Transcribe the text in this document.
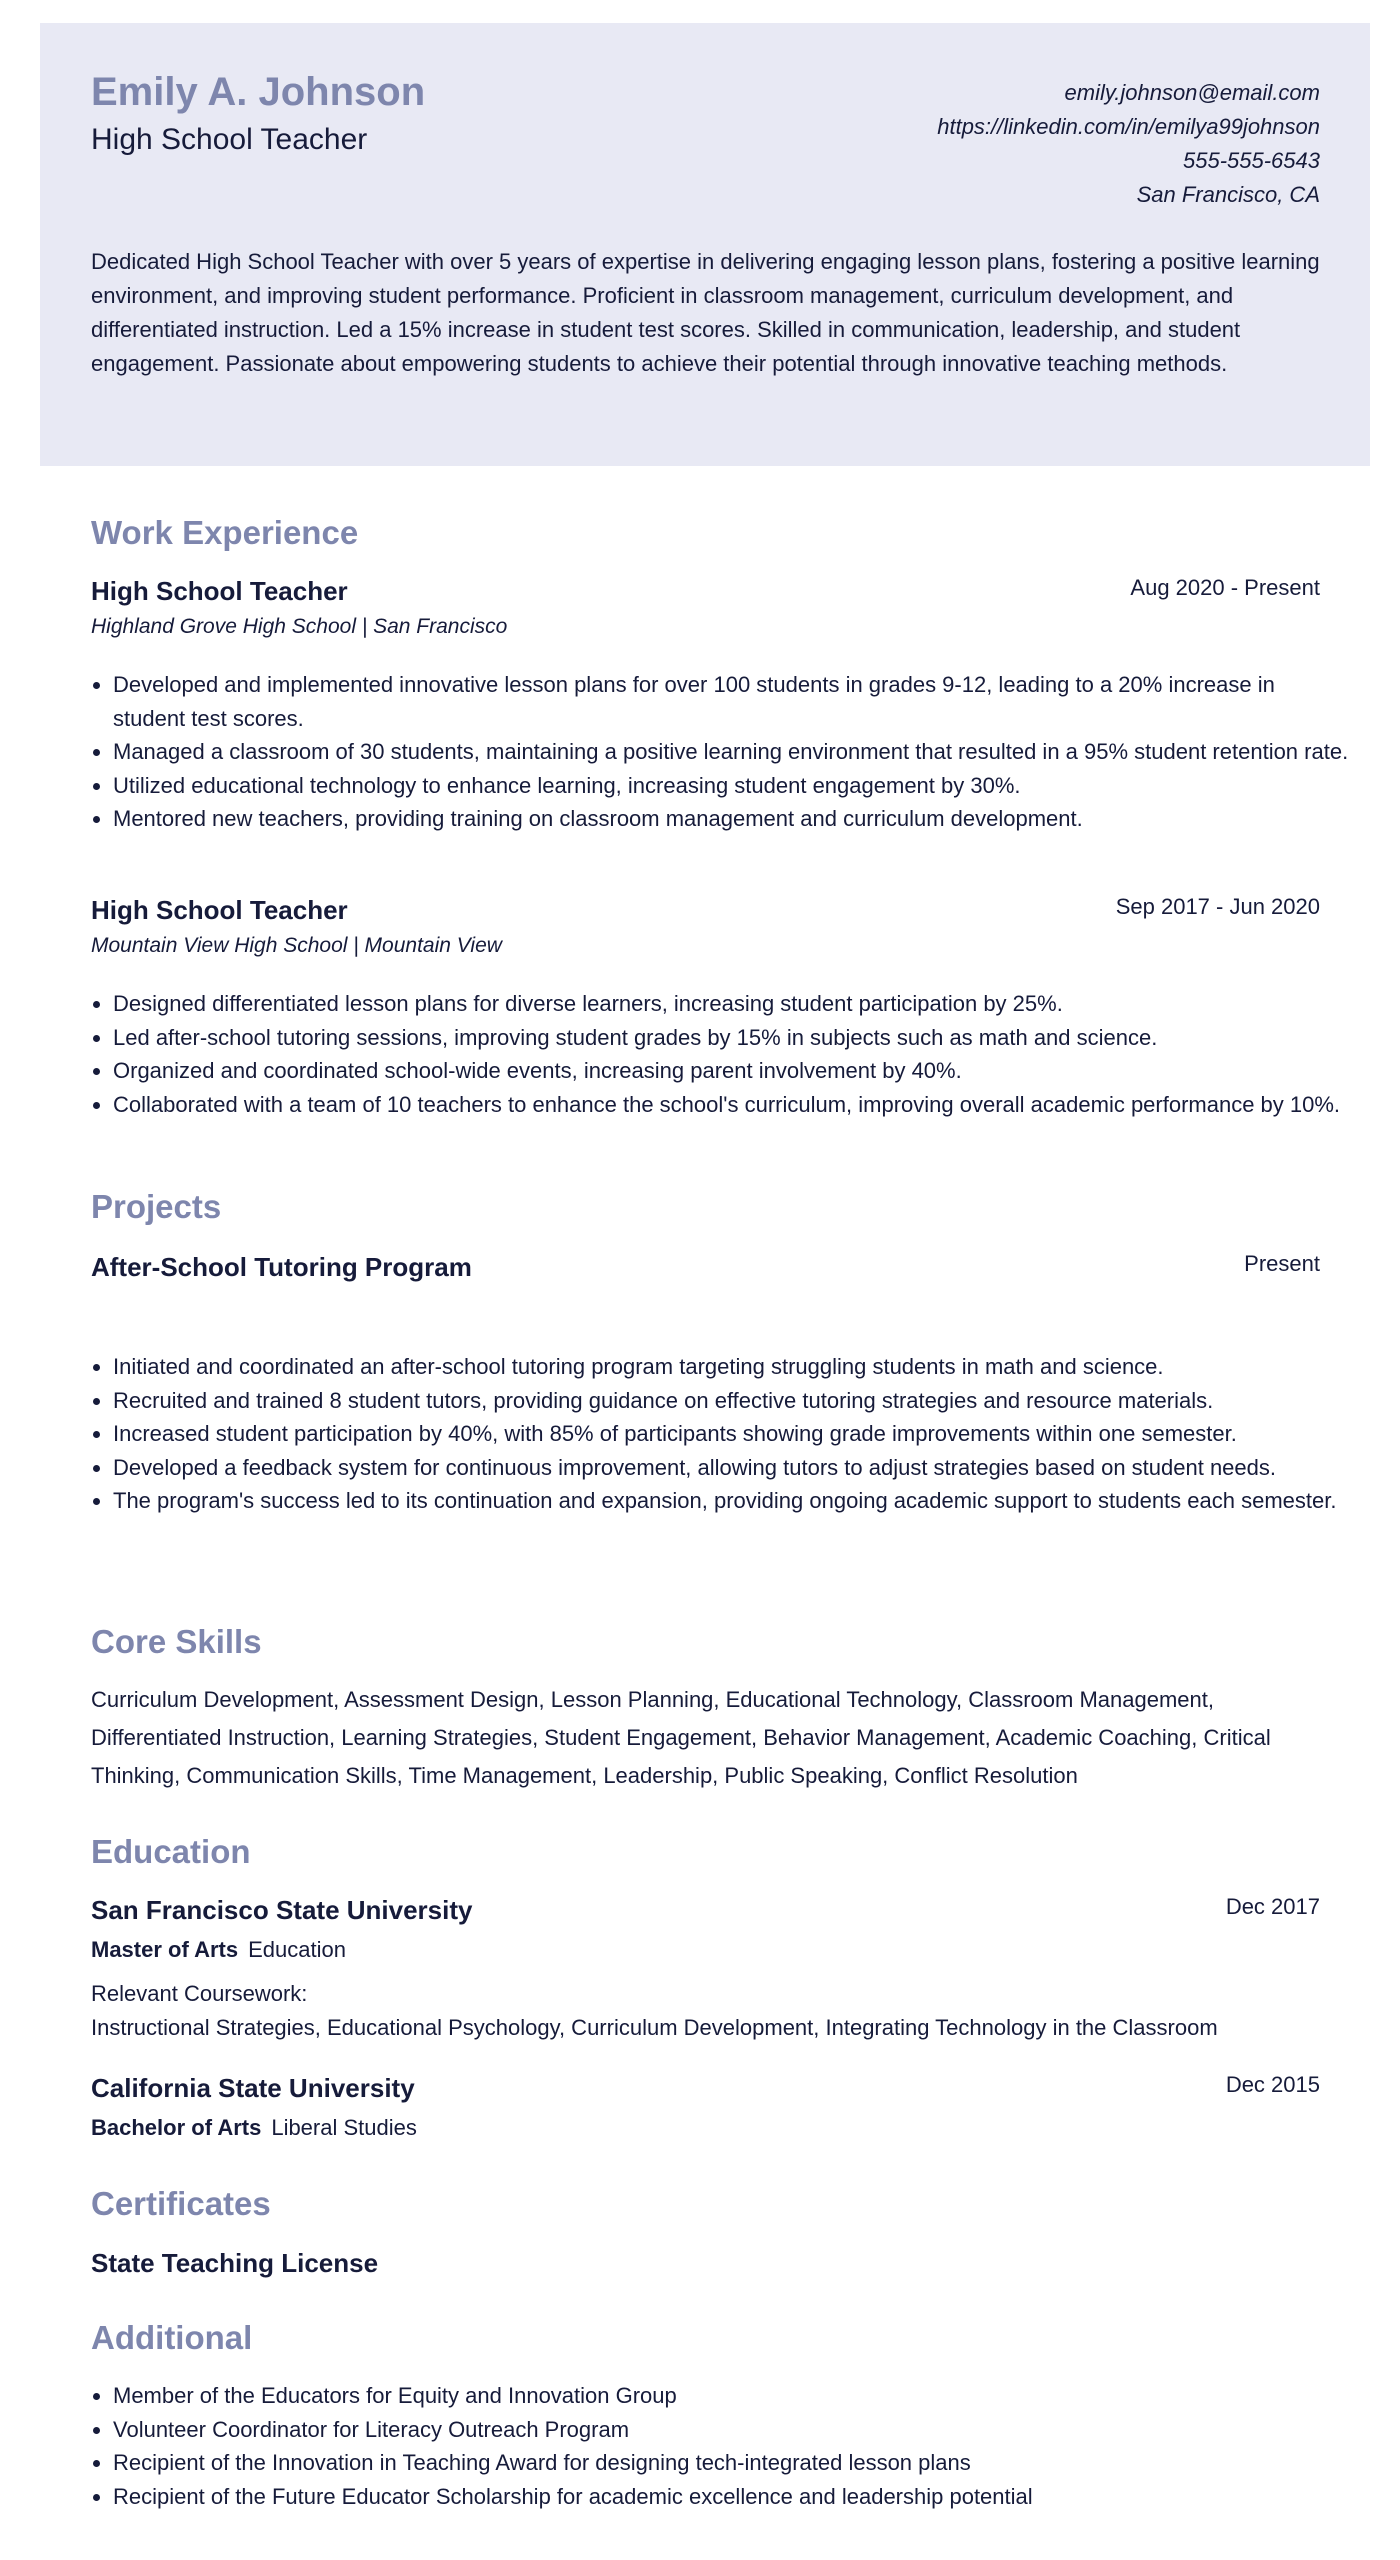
Emily A. Johnson
High School Teacher
emily.johnson@email.com
https://linkedin.com/in/emilya99johnson
555-555-6543
San Francisco, CA
Dedicated High School Teacher with over 5 years of expertise in delivering engaging lesson plans, fostering a positive learning environment, and improving student performance. Proficient in classroom management, curriculum development, and differentiated instruction. Led a 15% increase in student test scores. Skilled in communication, leadership, and student engagement. Passionate about empowering students to achieve their potential through innovative teaching methods.
Work Experience
High School Teacher	Aug 2020 - Present
Highland Grove High School | San Francisco
• Developed and implemented innovative lesson plans for over 100 students in grades 9-12, leading to a 20% increase in student test scores.
• Managed a classroom of 30 students, maintaining a positive learning environment that resulted in a 95% student retention rate.
• Utilized educational technology to enhance learning, increasing student engagement by 30%.
• Mentored new teachers, providing training on classroom management and curriculum development.
High School Teacher	Sep 2017 - Jun 2020
Mountain View High School | Mountain View
• Designed differentiated lesson plans for diverse learners, increasing student participation by 25%.
• Led after-school tutoring sessions, improving student grades by 15% in subjects such as math and science.
• Organized and coordinated school-wide events, increasing parent involvement by 40%.
• Collaborated with a team of 10 teachers to enhance the school's curriculum, improving overall academic performance by 10%.
Projects
After-School Tutoring Program	Present
• Initiated and coordinated an after-school tutoring program targeting struggling students in math and science.
• Recruited and trained 8 student tutors, providing guidance on effective tutoring strategies and resource materials.
• Increased student participation by 40%, with 85% of participants showing grade improvements within one semester.
• Developed a feedback system for continuous improvement, allowing tutors to adjust strategies based on student needs.
• The program's success led to its continuation and expansion, providing ongoing academic support to students each semester.
Core Skills
Curriculum Development, Assessment Design, Lesson Planning, Educational Technology, Classroom Management, Differentiated Instruction, Learning Strategies, Student Engagement, Behavior Management, Academic Coaching, Critical Thinking, Communication Skills, Time Management, Leadership, Public Speaking, Conflict Resolution
Education
San Francisco State University	Dec 2017
Master of Arts Education
Relevant Coursework:
Instructional Strategies, Educational Psychology, Curriculum Development, Integrating Technology in the Classroom
California State University	Dec 2015
Bachelor of Arts Liberal Studies
Certificates
State Teaching License
Additional
• Member of the Educators for Equity and Innovation Group
• Volunteer Coordinator for Literacy Outreach Program
• Recipient of the Innovation in Teaching Award for designing tech-integrated lesson plans
• Recipient of the Future Educator Scholarship for academic excellence and leadership potential
